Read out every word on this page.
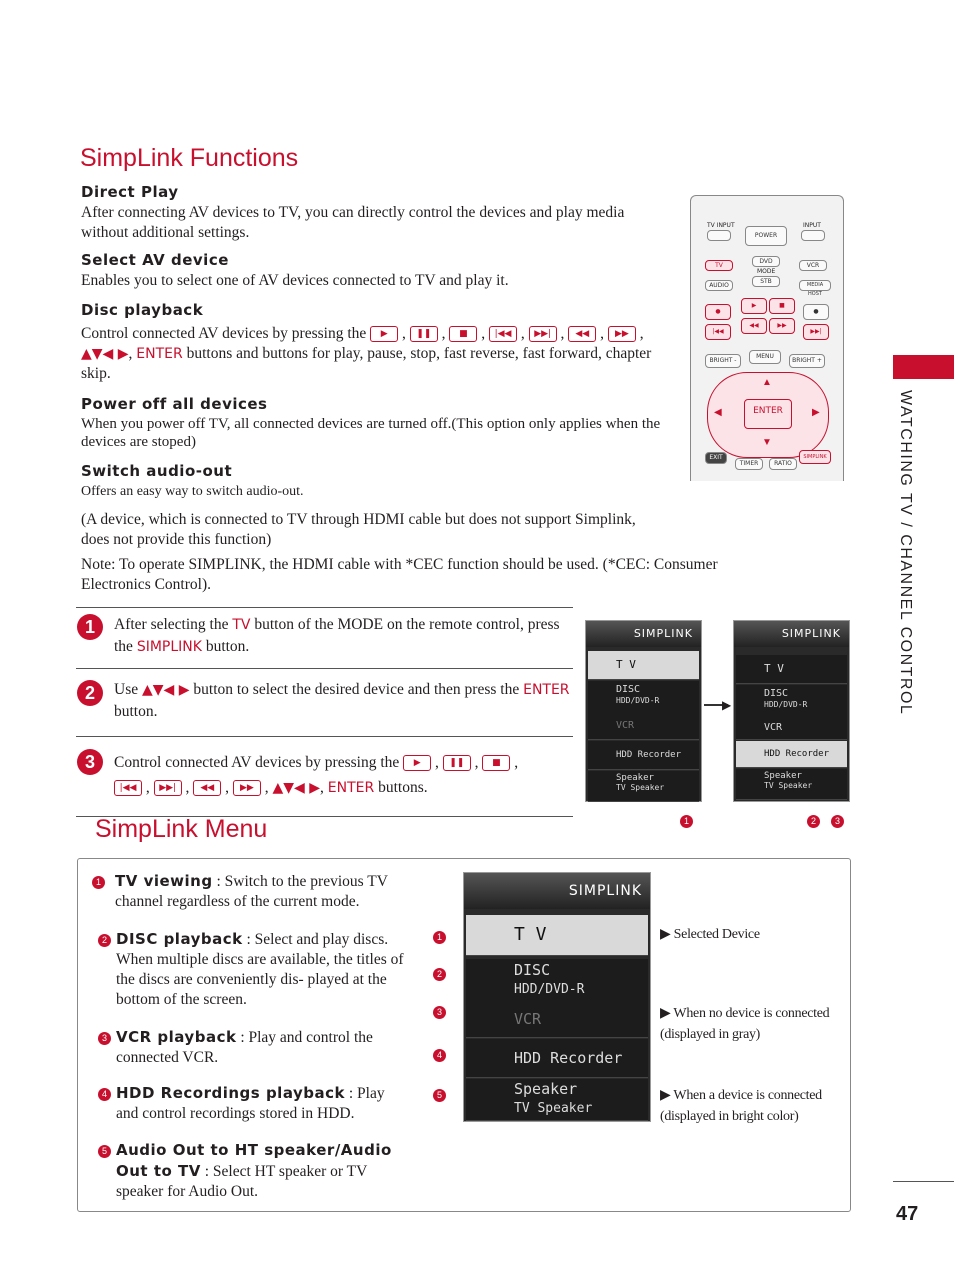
SimpLink Functions
Direct Play
After connecting AV devices to TV, you can directly control the devices and play media without additional settings.
Select AV device
Enables you to select one of AV devices connected to TV and play it.
Disc playback
Control connected AV devices by pressing the ▶ , ❚❚ , ■ , |◀◀ , ▶▶| , ◀◀ , ▶▶ ,
▲▼◀ ▶, ENTER buttons and buttons for play, pause, stop, fast reverse, fast forward, chapter skip.
Power off all devices
When you power off TV, all connected devices are turned off.(This option only applies when the devices are stoped)
Switch audio-out
Offers an easy way to switch audio-out.
(A device, which is connected to TV through HDMI cable but does not support Simplink, does not provide this function)
Note: To operate SIMPLINK, the HDMI cable with *CEC function should be used. (*CEC: Consumer Electronics Control).
TV INPUT
POWER
INPUT
TV
DVD
VCR
AUDIO
MODE
STB	MEDIA HOST
●
▶	■
●
|◀◀
◀◀	▶▶
▶▶|
BRIGHT -
MENU
BRIGHT +
▲
▼
◀	▶
ENTER
EXIT
TIMER	RATIO
SIMPLINK	WATCHING TV / CHANNEL CONTROL
1	After selecting the TV button of the MODE on the remote control, press the SIMPLINK button.
2	Use ▲▼◀ ▶ button to select the desired device and then press the ENTER button.
3	Control connected AV devices by pressing the ▶ , ❚❚ , ■ ,
|◀◀ , ▶▶| , ◀◀ , ▶▶ , ▲▼◀ ▶, ENTER buttons.
SIMPLINK
T V
DISC
HDD/DVD-R
VCR
HDD Recorder
Speaker
TV Speaker
▶
SIMPLINK
T V
DISC
HDD/DVD-R
VCR
HDD Recorder
Speaker
TV Speaker
1	2	3
SimpLink Menu
1 TV viewing : Switch to the previous TV channel regardless of the current mode.
2 DISC playback : Select and play discs. When multiple discs are available, the titles of the discs are conveniently dis- played at the bottom of the screen.
3 VCR playback : Play and control the connected VCR.
4 HDD Recordings playback : Play and control recordings stored in HDD.
5 Audio Out to HT speaker/Audio Out to TV : Select HT speaker or TV speaker for Audio Out.
SIMPLINK
T V
DISC
HDD/DVD-R
VCR
HDD Recorder
Speaker
TV Speaker
1
2
3
4
5
▶ Selected Device
▶ When no device is connected (displayed in gray)
▶ When a device is connected (displayed in bright color)
47
